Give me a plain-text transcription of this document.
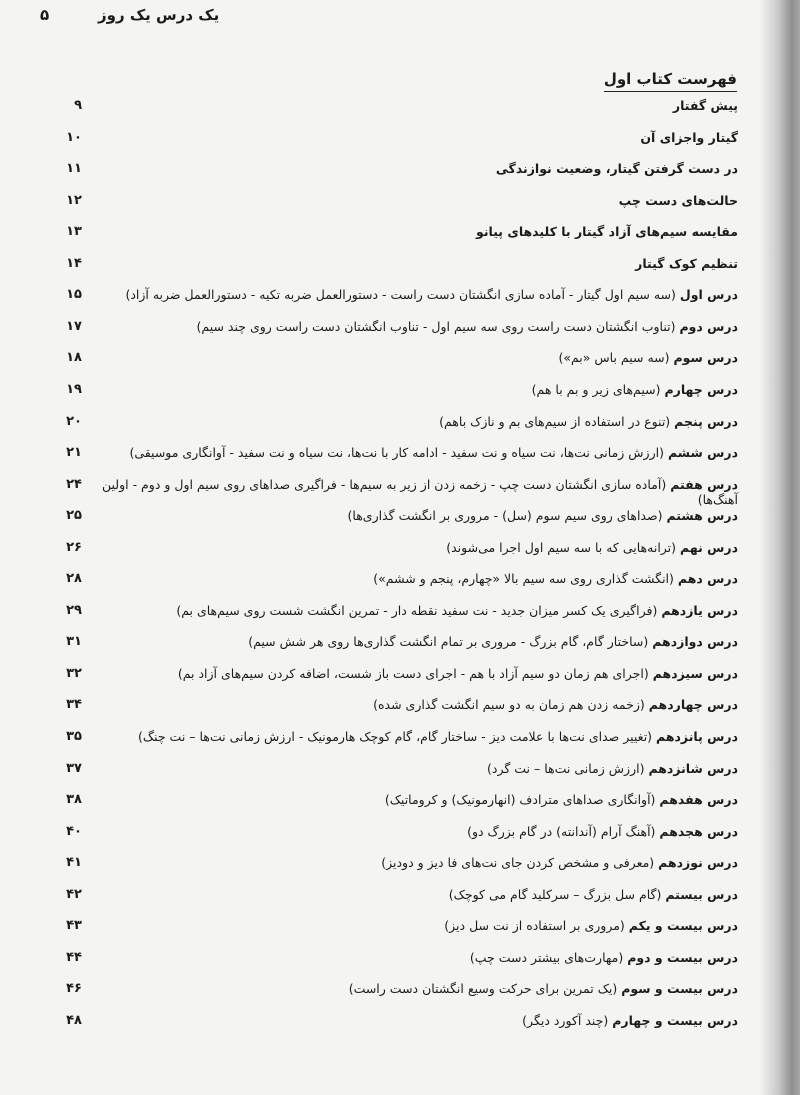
یک درس یک روز
۵
فهرست کتاب اول
پیش گفتار
۹
گیتار واجزای آن
۱۰
در دست گرفتن گیتار، وضعیت نوازندگی
۱۱
حالت‌های دست چپ
۱۲
مقایسه سیم‌های آزاد گیتار با کلیدهای پیانو
۱۳
تنظیم کوک گیتار
۱۴
درس اول (سه سیم اول گیتار - آماده سازی انگشتان دست راست - دستورالعمل ضربه تکیه - دستورالعمل ضربه آزاد)
۱۵
درس دوم (تناوب انگشتان دست راست روی سه سیم اول - تناوب انگشتان دست راست روی چند سیم)
۱۷
درس سوم (سه سیم باس «بم»)
۱۸
درس چهارم (سیم‌های زیر و بم با هم)
۱۹
درس پنجم (تنوع در استفاده از سیم‌های بم و نازک باهم)
۲۰
درس ششم (ارزش زمانی نت‌ها، نت سیاه و نت سفید - ادامه کار با نت‌ها، نت سیاه و نت سفید - آوانگاری موسیقی)
۲۱
درس هفتم (آماده سازی انگشتان دست چپ - زخمه زدن از زیر به سیم‌ها - فراگیری صداهای روی سیم اول و دوم - اولین آهنگ‌ها)
۲۴
درس هشتم (صداهای روی سیم سوم (سل) - مروری بر انگشت گذاری‌ها)
۲۵
درس نهم (ترانه‌هایی که با سه سیم اول اجرا می‌شوند)
۲۶
درس دهم (انگشت گذاری روی سه سیم بالا «چهارم، پنجم و ششم»)
۲۸
درس یازدهم (فراگیری یک کسر میزان جدید - نت سفید نقطه دار - تمرین انگشت شست روی سیم‌های بم)
۲۹
درس دوازدهم (ساختار گام، گام بزرگ - مروری بر تمام انگشت گذاری‌ها روی هر شش سیم)
۳۱
درس سیزدهم (اجرای هم زمان دو سیم آزاد با هم - اجرای دست باز شست، اضافه کردن سیم‌های آزاد بم)
۳۲
درس چهاردهم (زخمه زدن هم زمان به دو سیم انگشت گذاری شده)
۳۴
درس پانزدهم (تغییر صدای نت‌ها با علامت دیز - ساختار گام، گام کوچک هارمونیک - ارزش زمانی نت‌ها – نت چنگ)
۳۵
درس شانزدهم (ارزش زمانی نت‌ها – نت گرد)
۳۷
درس هفدهم (آوانگاری صداهای مترادف (انهارمونیک) و کروماتیک)
۳۸
درس هجدهم (آهنگ آرام (آندانته) در گام بزرگ دو)
۴۰
درس نوزدهم (معرفی و مشخص کردن جای نت‌های فا دیز و دودیز)
۴۱
درس بیستم (گام سل بزرگ – سرکلید گام می کوچک)
۴۲
درس بیست و یکم (مروری بر استفاده از نت سل دیز)
۴۳
درس بیست و دوم (مهارت‌های بیشتر دست چپ)
۴۴
درس بیست و سوم (یک تمرین برای حرکت وسیع انگشتان دست راست)
۴۶
درس بیست و چهارم (چند آکورد دیگر)
۴۸
